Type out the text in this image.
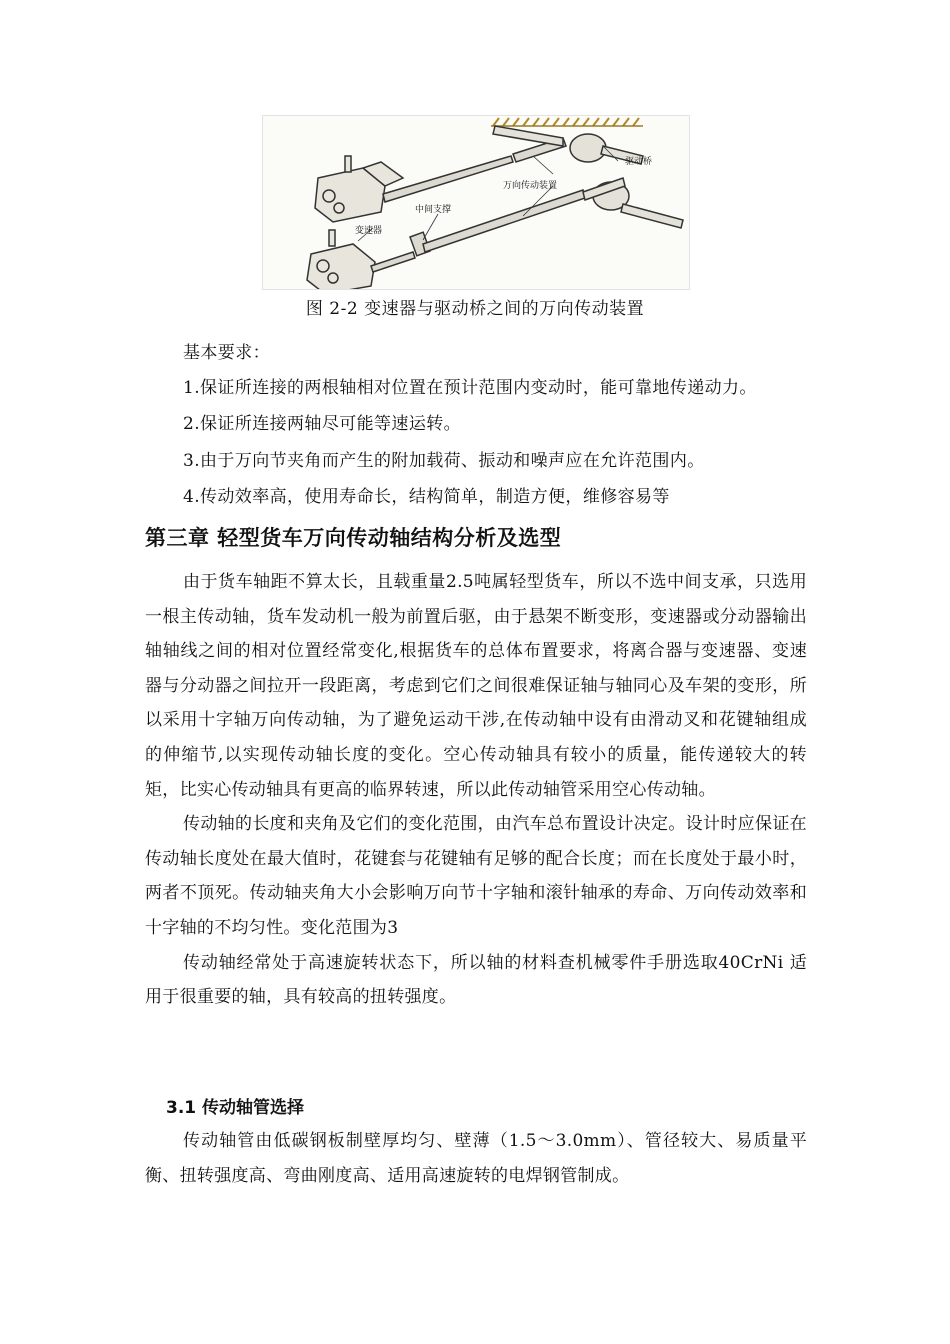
驱动桥
万向传动装置
中间支撑
变速器
图 2-2 变速器与驱动桥之间的万向传动装置
基本要求：
1.保证所连接的两根轴相对位置在预计范围内变动时，能可靠地传递动力。
2.保证所连接两轴尽可能等速运转。
3.由于万向节夹角而产生的附加载荷、振动和噪声应在允许范围内。
4.传动效率高，使用寿命长，结构简单，制造方便，维修容易等
第三章 轻型货车万向传动轴结构分析及选型

由于货车轴距不算太长，且载重量2.5吨属轻型货车，所以不选中间支承，只选用一根主传动轴，货车发动机一般为前置后驱，由于悬架不断变形，变速器或分动器输出轴轴线之间的相对位置经常变化,根据货车的总体布置要求，将离合器与变速器、变速器与分动器之间拉开一段距离，考虑到它们之间很难保证轴与轴同心及车架的变形，所以采用十字轴万向传动轴，为了避免运动干涉,在传动轴中设有由滑动叉和花键轴组成的伸缩节,以实现传动轴长度的变化。空心传动轴具有较小的质量，能传递较大的转矩，比实心传动轴具有更高的临界转速，所以此传动轴管采用空心传动轴。

传动轴的长度和夹角及它们的变化范围，由汽车总布置设计决定。设计时应保证在传动轴长度处在最大值时，花键套与花键轴有足够的配合长度；而在长度处于最小时，两者不顶死。传动轴夹角大小会影响万向节十字轴和滚针轴承的寿命、万向传动效率和十字轴的不均匀性。变化范围为3

传动轴经常处于高速旋转状态下，所以轴的材料查机械零件手册选取40CrNi 适用于很重要的轴，具有较高的扭转强度。

3.1 传动轴管选择

传动轴管由低碳钢板制壁厚均匀、壁薄（1.5～3.0mm）、管径较大、易质量平衡、扭转强度高、弯曲刚度高、适用高速旋转的电焊钢管制成。
